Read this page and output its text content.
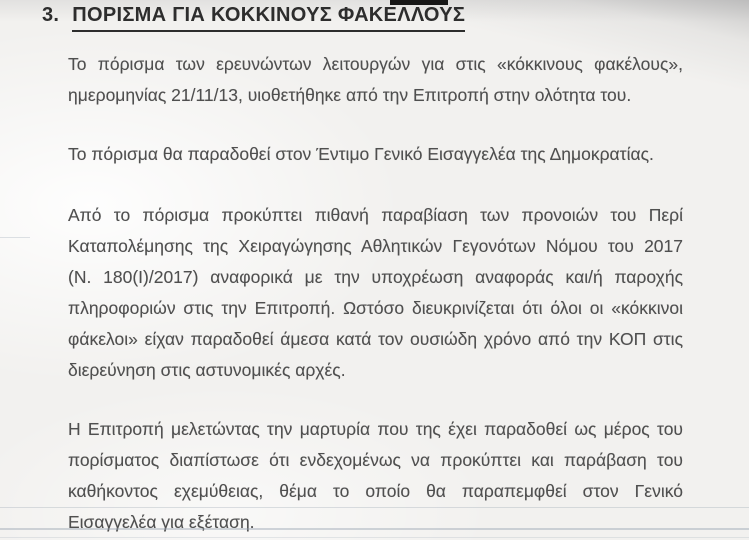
3. ΠΟΡΙΣΜΑ ΓΙΑ ΚΟΚΚΙΝΟΥΣ ΦΑΚΕΛΛΟΥΣ
Το πόρισμα των ερευνώντων λειτουργών για στις «κόκκινους φακέλους»,
ημερομηνίας 21/11/13, υιοθετήθηκε από την Επιτροπή στην ολότητα του.
Το πόρισμα θα παραδοθεί στον Έντιμο Γενικό Εισαγγελέα της Δημοκρατίας.
Από το πόρισμα προκύπτει πιθανή παραβίαση των προνοιών του Περί
Καταπολέμησης της Χειραγώγησης Αθλητικών Γεγονότων Νόμου του 2017
(Ν. 180(Ι)/2017) αναφορικά με την υποχρέωση αναφοράς και/ή παροχής
πληροφοριών στις την Επιτροπή. Ωστόσο διευκρινίζεται ότι όλοι οι «κόκκινοι
φάκελοι» είχαν παραδοθεί άμεσα κατά τον ουσιώδη χρόνο από την ΚΟΠ στις
διερεύνηση στις αστυνομικές αρχές.
Η Επιτροπή μελετώντας την μαρτυρία που της έχει παραδοθεί ως μέρος του
πορίσματος διαπίστωσε ότι ενδεχομένως να προκύπτει και παράβαση του
καθήκοντος εχεμύθειας, θέμα το οποίο θα παραπεμφθεί στον Γενικό
Εισαγγελέα για εξέταση.
